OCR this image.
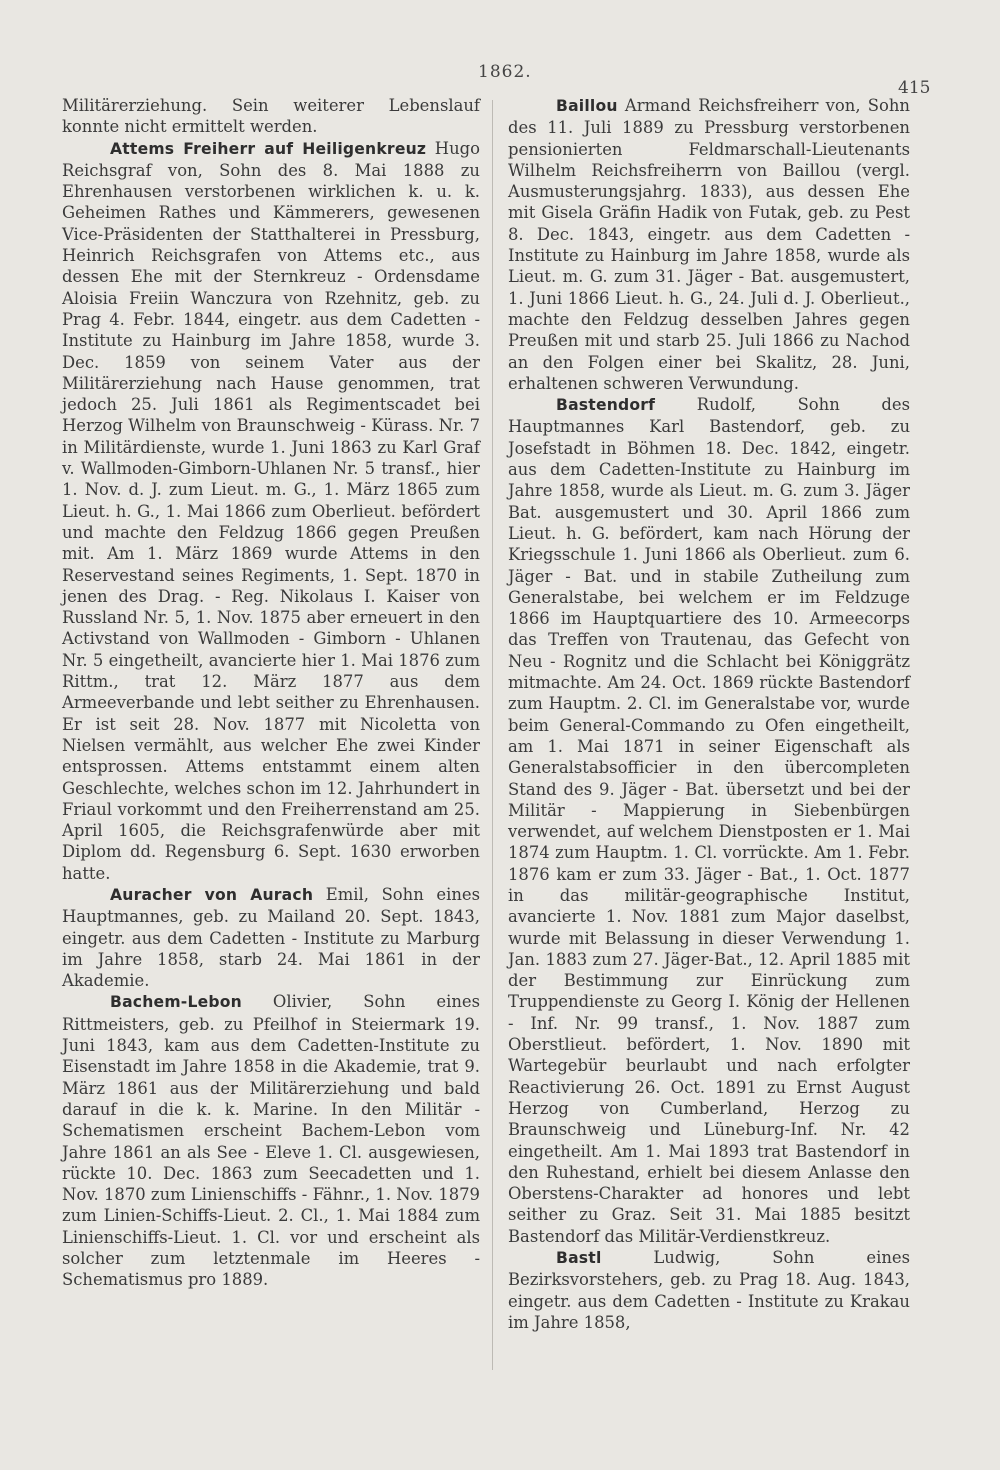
1862.
415

Militärerziehung. Sein weiterer Lebenslauf konnte nicht ermittelt werden.

Attems Freiherr auf Heiligenkreuz Hugo Reichsgraf von, Sohn des 8. Mai 1888 zu Ehrenhausen verstorbenen wirklichen k. u. k. Geheimen Rathes und Kämmerers, gewesenen Vice-Präsidenten der Statthalterei in Pressburg, Heinrich Reichsgrafen von Attems etc., aus dessen Ehe mit der Sternkreuz - Ordensdame Aloisia Freiin Wanczura von Rzehnitz, geb. zu Prag 4. Febr. 1844, eingetr. aus dem Cadetten - Institute zu Hainburg im Jahre 1858, wurde 3. Dec. 1859 von seinem Vater aus der Militärerziehung nach Hause genommen, trat jedoch 25. Juli 1861 als Regimentscadet bei Herzog Wilhelm von Braunschweig - Kürass. Nr. 7 in Militärdienste, wurde 1. Juni 1863 zu Karl Graf v. Wallmoden-Gimborn-Uhlanen Nr. 5 transf., hier 1. Nov. d. J. zum Lieut. m. G., 1. März 1865 zum Lieut. h. G., 1. Mai 1866 zum Oberlieut. befördert und machte den Feldzug 1866 gegen Preußen mit. Am 1. März 1869 wurde Attems in den Reservestand seines Regiments, 1. Sept. 1870 in jenen des Drag. - Reg. Nikolaus I. Kaiser von Russland Nr. 5, 1. Nov. 1875 aber erneuert in den Activstand von Wallmoden - Gimborn - Uhlanen Nr. 5 eingetheilt, avancierte hier 1. Mai 1876 zum Rittm., trat 12. März 1877 aus dem Armeeverbande und lebt seither zu Ehrenhausen. Er ist seit 28. Nov. 1877 mit Nicoletta von Nielsen vermählt, aus welcher Ehe zwei Kinder entsprossen. Attems entstammt einem alten Geschlechte, welches schon im 12. Jahrhundert in Friaul vorkommt und den Freiherrenstand am 25. April 1605, die Reichsgrafenwürde aber mit Diplom dd. Regensburg 6. Sept. 1630 erworben hatte.

Auracher von Aurach Emil, Sohn eines Hauptmannes, geb. zu Mailand 20. Sept. 1843, eingetr. aus dem Cadetten - Institute zu Marburg im Jahre 1858, starb 24. Mai 1861 in der Akademie.

Bachem-Lebon Olivier, Sohn eines Rittmeisters, geb. zu Pfeilhof in Steiermark 19. Juni 1843, kam aus dem Cadetten-Institute zu Eisenstadt im Jahre 1858 in die Akademie, trat 9. März 1861 aus der Militärerziehung und bald darauf in die k. k. Marine. In den Militär - Schematismen erscheint Bachem-Lebon vom Jahre 1861 an als See - Eleve 1. Cl. ausgewiesen, rückte 10. Dec. 1863 zum Seecadetten und 1. Nov. 1870 zum Linienschiffs - Fähnr., 1. Nov. 1879 zum Linien-Schiffs-Lieut. 2. Cl., 1. Mai 1884 zum Linienschiffs-Lieut. 1. Cl. vor und erscheint als solcher zum letztenmale im Heeres - Schematismus pro 1889.

Baillou Armand Reichsfreiherr von, Sohn des 11. Juli 1889 zu Pressburg verstorbenen pensionierten Feldmarschall-Lieutenants Wilhelm Reichsfreiherrn von Baillou (vergl. Ausmusterungsjahrg. 1833), aus dessen Ehe mit Gisela Gräfin Hadik von Futak, geb. zu Pest 8. Dec. 1843, eingetr. aus dem Cadetten - Institute zu Hainburg im Jahre 1858, wurde als Lieut. m. G. zum 31. Jäger - Bat. ausgemustert, 1. Juni 1866 Lieut. h. G., 24. Juli d. J. Oberlieut., machte den Feldzug desselben Jahres gegen Preußen mit und starb 25. Juli 1866 zu Nachod an den Folgen einer bei Skalitz, 28. Juni, erhaltenen schweren Verwundung.

Bastendorf Rudolf, Sohn des Hauptmannes Karl Bastendorf, geb. zu Josefstadt in Böhmen 18. Dec. 1842, eingetr. aus dem Cadetten-Institute zu Hainburg im Jahre 1858, wurde als Lieut. m. G. zum 3. Jäger Bat. ausgemustert und 30. April 1866 zum Lieut. h. G. befördert, kam nach Hörung der Kriegsschule 1. Juni 1866 als Oberlieut. zum 6. Jäger - Bat. und in stabile Zutheilung zum Generalstabe, bei welchem er im Feldzuge 1866 im Hauptquartiere des 10. Armeecorps das Treffen von Trautenau, das Gefecht von Neu - Rognitz und die Schlacht bei Königgrätz mitmachte. Am 24. Oct. 1869 rückte Bastendorf zum Hauptm. 2. Cl. im Generalstabe vor, wurde beim General-Commando zu Ofen eingetheilt, am 1. Mai 1871 in seiner Eigenschaft als Generalstabsofficier in den übercompleten Stand des 9. Jäger - Bat. übersetzt und bei der Militär - Mappierung in Siebenbürgen verwendet, auf welchem Dienstposten er 1. Mai 1874 zum Hauptm. 1. Cl. vorrückte. Am 1. Febr. 1876 kam er zum 33. Jäger - Bat., 1. Oct. 1877 in das militär-geographische Institut, avancierte 1. Nov. 1881 zum Major daselbst, wurde mit Belassung in dieser Verwendung 1. Jan. 1883 zum 27. Jäger-Bat., 12. April 1885 mit der Bestimmung zur Einrückung zum Truppendienste zu Georg I. König der Hellenen - Inf. Nr. 99 transf., 1. Nov. 1887 zum Oberstlieut. befördert, 1. Nov. 1890 mit Wartegebür beurlaubt und nach erfolgter Reactivierung 26. Oct. 1891 zu Ernst August Herzog von Cumberland, Herzog zu Braunschweig und Lüneburg-Inf. Nr. 42 eingetheilt. Am 1. Mai 1893 trat Bastendorf in den Ruhestand, erhielt bei diesem Anlasse den Oberstens-Charakter ad honores und lebt seither zu Graz. Seit 31. Mai 1885 besitzt Bastendorf das Militär-Verdienstkreuz.

Bastl Ludwig, Sohn eines Bezirksvorstehers, geb. zu Prag 18. Aug. 1843, eingetr. aus dem Cadetten - Institute zu Krakau im Jahre 1858,
